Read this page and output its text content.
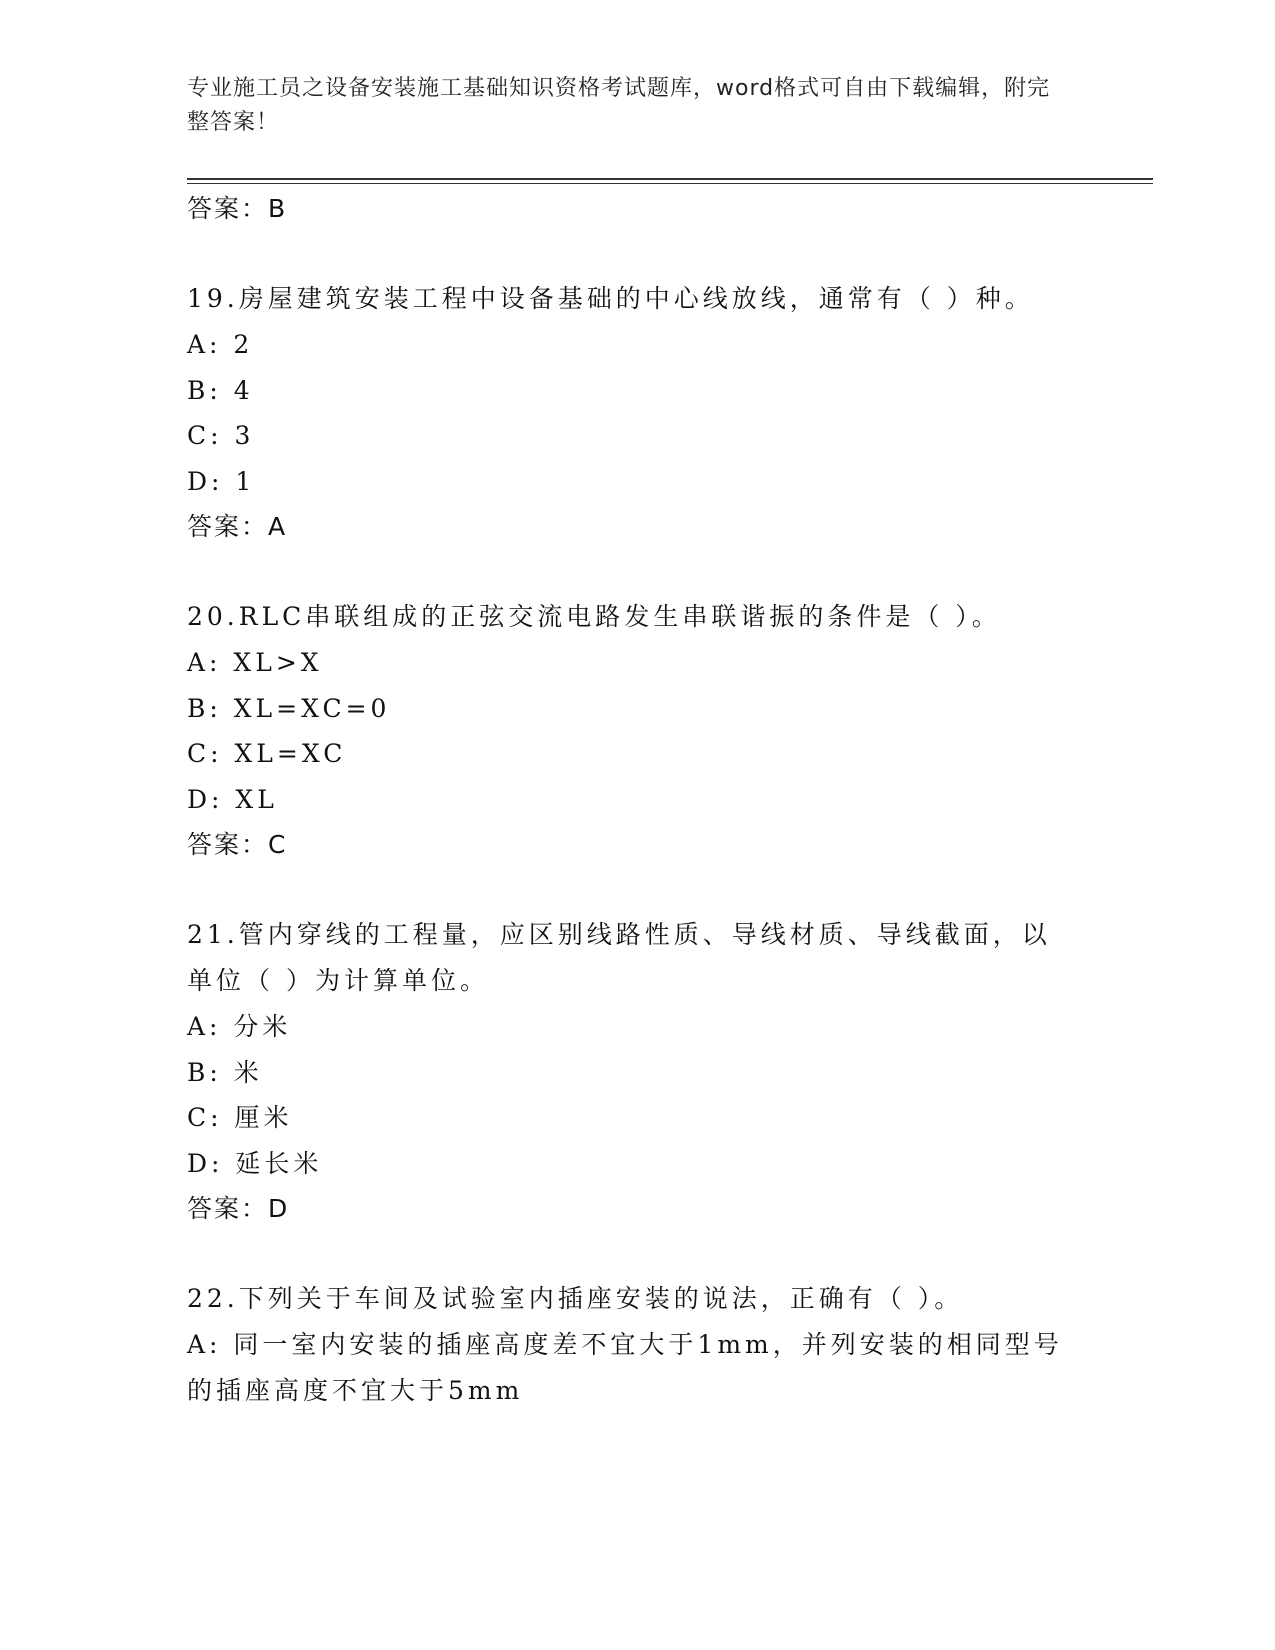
专业施工员之设备安装施工基础知识资格考试题库，word格式可自由下载编辑，附完整答案！
答案：B
19.房屋建筑安装工程中设备基础的中心线放线，通常有（ ）种。
A: 2
B: 4
C: 3
D: 1
答案：A
20.RLC串联组成的正弦交流电路发生串联谐振的条件是（ ）。
A: XL>X
B: XL=XC=0
C: XL=XC
D: XL
答案：C
21.管内穿线的工程量，应区别线路性质、导线材质、导线截面，以单位（ ）为计算单位。
A: 分米
B: 米
C: 厘米
D: 延长米
答案：D
22.下列关于车间及试验室内插座安装的说法，正确有（ ）。
A: 同一室内安装的插座高度差不宜大于1mm，并列安装的相同型号的插座高度不宜大于5mm
